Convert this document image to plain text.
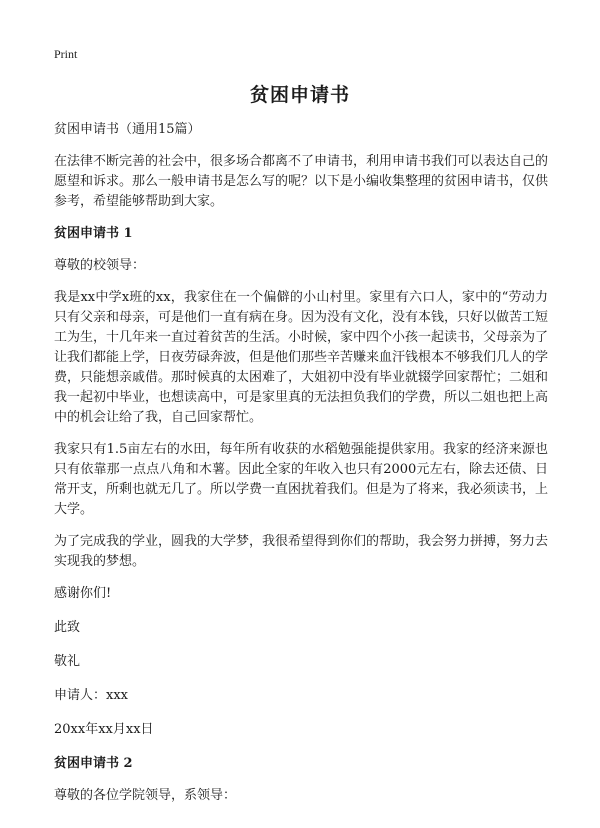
Print
贫困申请书

贫困申请书（通用15篇）

在法律不断完善的社会中，很多场合都离不了申请书，利用申请书我们可以表达自己的愿望和诉求。那么一般申请书是怎么写的呢？以下是小编收集整理的贫困申请书，仅供参考，希望能够帮助到大家。

贫困申请书 1

尊敬的校领导：

我是xx中学x班的xx，我家住在一个偏僻的小山村里。家里有六口人，家中的“劳动力只有父亲和母亲，可是他们一直有病在身。因为没有文化，没有本钱，只好以做苦工短工为生，十几年来一直过着贫苦的生活。小时候，家中四个小孩一起读书，父母亲为了让我们都能上学，日夜劳碌奔波，但是他们那些辛苦赚来血汗钱根本不够我们几人的学费，只能想亲戚借。那时候真的太困难了，大姐初中没有毕业就辍学回家帮忙；二姐和我一起初中毕业，也想读高中，可是家里真的无法担负我们的学费，所以二姐也把上高中的机会让给了我，自己回家帮忙。

我家只有1.5亩左右的水田，每年所有收获的水稻勉强能提供家用。我家的经济来源也只有依靠那一点点八角和木薯。因此全家的年收入也只有2000元左右，除去还债、日常开支，所剩也就无几了。所以学费一直困扰着我们。但是为了将来，我必须读书，上大学。

为了完成我的学业，圆我的大学梦，我很希望得到你们的帮助，我会努力拼搏，努力去实现我的梦想。

感谢你们!

此致

敬礼

申请人：xxx

20xx年xx月xx日

贫困申请书 2

尊敬的各位学院领导，系领导：
